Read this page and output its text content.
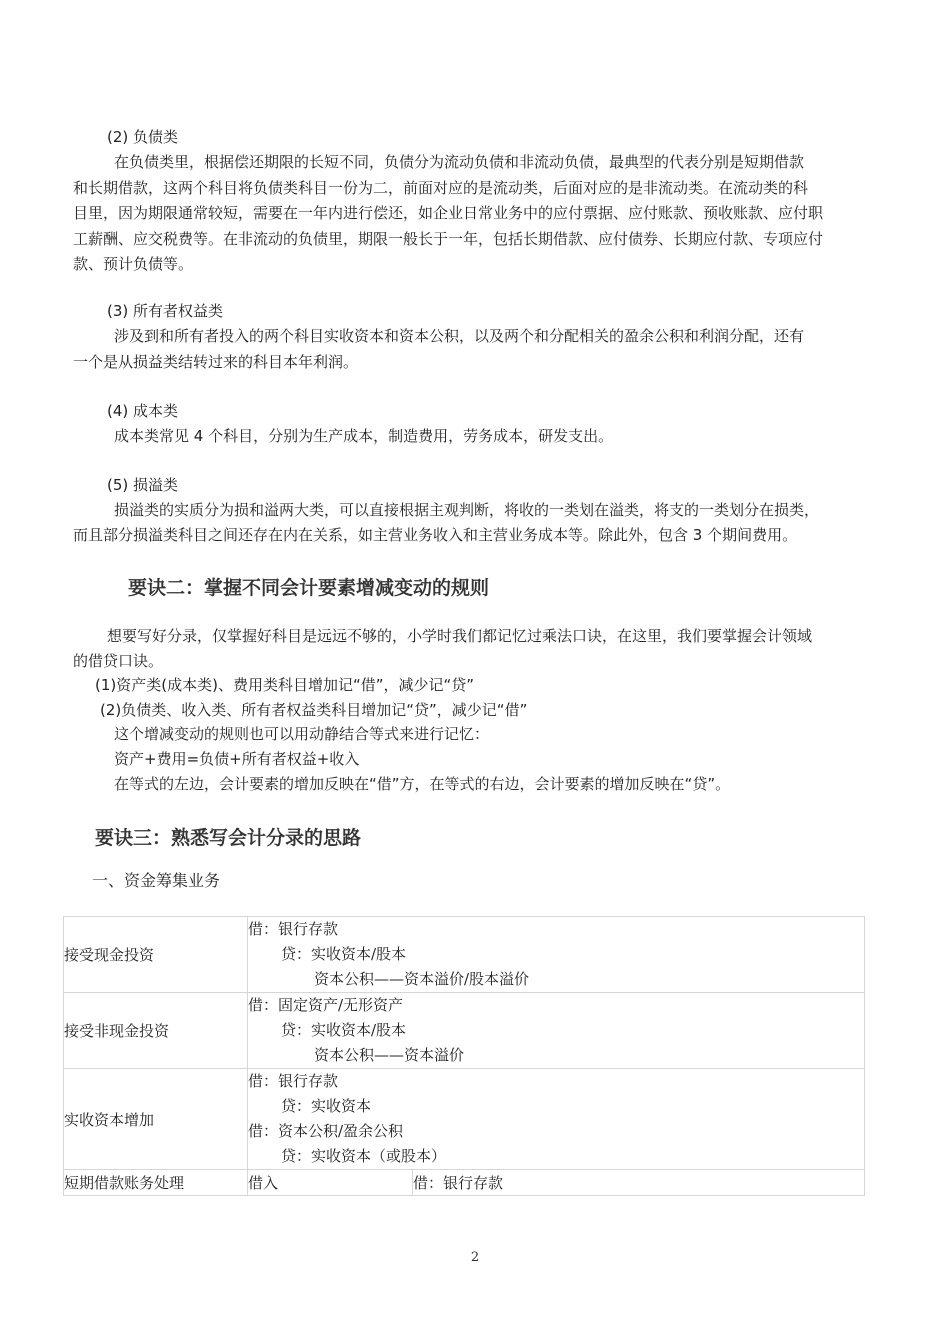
(2) 负债类
在负债类里，根据偿还期限的长短不同，负债分为流动负债和非流动负债，最典型的代表分别是短期借款
和长期借款，这两个科目将负债类科目一份为二，前面对应的是流动类，后面对应的是非流动类。在流动类的科
目里，因为期限通常较短，需要在一年内进行偿还，如企业日常业务中的应付票据、应付账款、预收账款、应付职
工薪酬、应交税费等。在非流动的负债里，期限一般长于一年，包括长期借款、应付债券、长期应付款、专项应付
款、预计负债等。
(3) 所有者权益类
涉及到和所有者投入的两个科目实收资本和资本公积，以及两个和分配相关的盈余公积和利润分配，还有
一个是从损益类结转过来的科目本年利润。
(4) 成本类
成本类常见 4 个科目，分别为生产成本，制造费用，劳务成本，研发支出。
(5) 损溢类
损溢类的实质分为损和溢两大类，可以直接根据主观判断，将收的一类划在溢类，将支的一类划分在损类，
而且部分损溢类科目之间还存在内在关系，如主营业务收入和主营业务成本等。除此外，包含 3 个期间费用。
要诀二：掌握不同会计要素增减变动的规则
想要写好分录，仅掌握好科目是远远不够的，小学时我们都记忆过乘法口诀，在这里，我们要掌握会计领域
的借贷口诀。
(1)资产类(成本类)、费用类科目增加记“借”，减少记“贷”
(2)负债类、收入类、所有者权益类科目增加记“贷”，减少记“借”
这个增减变动的规则也可以用动静结合等式来进行记忆：
资产+费用=负债+所有者权益+收入
在等式的左边，会计要素的增加反映在“借”方，在等式的右边，会计要素的增加反映在“贷”。
要诀三：熟悉写会计分录的思路
一、资金筹集业务
接受现金投资	借：银行存款
贷：实收资本/股本
资本公积——资本溢价/股本溢价	

接受非现金投资	借：固定资产/无形资产
贷：实收资本/股本
资本公积——资本溢价	

实收资本增加	借：银行存款
贷：实收资本
借：资本公积/盈余公积
贷：实收资本（或股本）	

短期借款账务处理	借入	借：银行存款
2
